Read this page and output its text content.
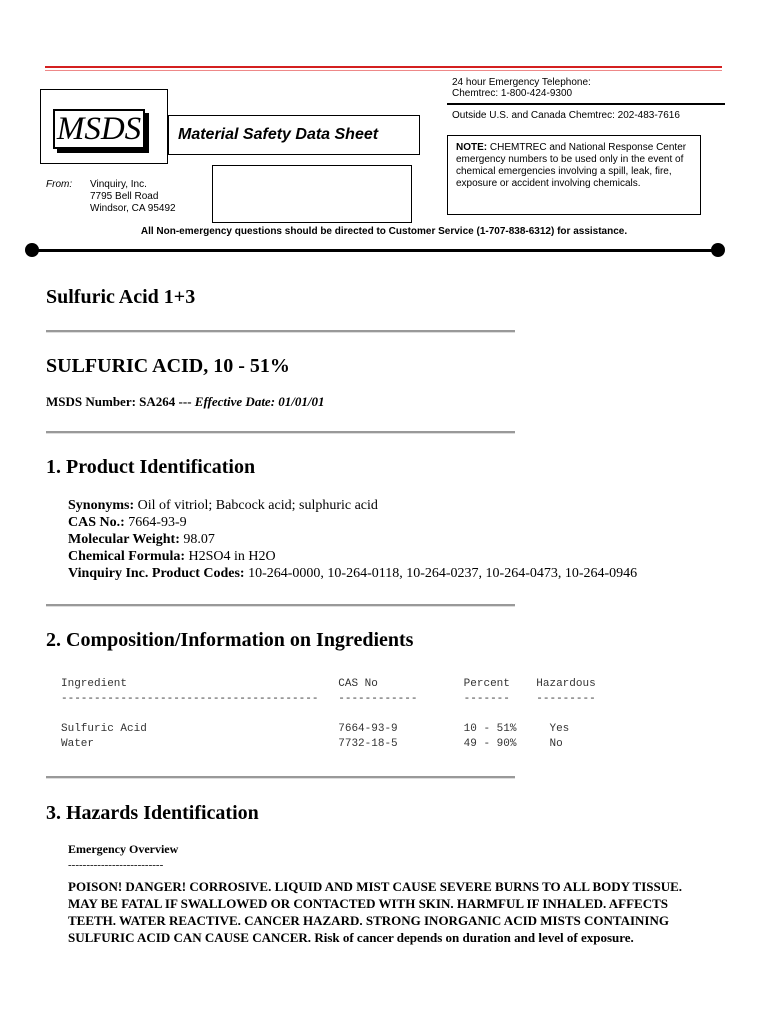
MSDS	Material Safety Data Sheet
From: Vinquiry, Inc.
7795 Bell Road
Windsor, CA 95492
24 hour Emergency Telephone:
Chemtrec: 1-800-424-9300
Outside U.S. and Canada Chemtrec: 202-483-7616
NOTE: CHEMTREC and National Response Center emergency numbers to be used only in the event of chemical emergencies involving a spill, leak, fire, exposure or accident involving chemicals.
All Non-emergency questions should be directed to Customer Service (1-707-838-6312) for assistance.
Sulfuric Acid 1+3
SULFURIC ACID, 10 - 51%
MSDS Number: SA264 --- Effective Date: 01/01/01
1. Product Identification
Synonyms: Oil of vitriol; Babcock acid; sulphuric acid
CAS No.: 7664-93-9
Molecular Weight: 98.07
Chemical Formula: H2SO4 in H2O
Vinquiry Inc. Product Codes: 10-264-0000, 10-264-0118, 10-264-0237, 10-264-0473, 10-264-0946
2. Composition/Information on Ingredients
Ingredient                                CAS No             Percent    Hazardous
---------------------------------------   ------------       -------    ---------

Sulfuric Acid                             7664-93-9          10 - 51%     Yes
Water                                     7732-18-5          49 - 90%     No
3. Hazards Identification
Emergency Overview
--------------------------
POISON! DANGER! CORROSIVE. LIQUID AND MIST CAUSE SEVERE BURNS TO ALL BODY TISSUE. MAY BE FATAL IF SWALLOWED OR CONTACTED WITH SKIN. HARMFUL IF INHALED. AFFECTS TEETH. WATER REACTIVE. CANCER HAZARD. STRONG INORGANIC ACID MISTS CONTAINING SULFURIC ACID CAN CAUSE CANCER. Risk of cancer depends on duration and level of exposure.
